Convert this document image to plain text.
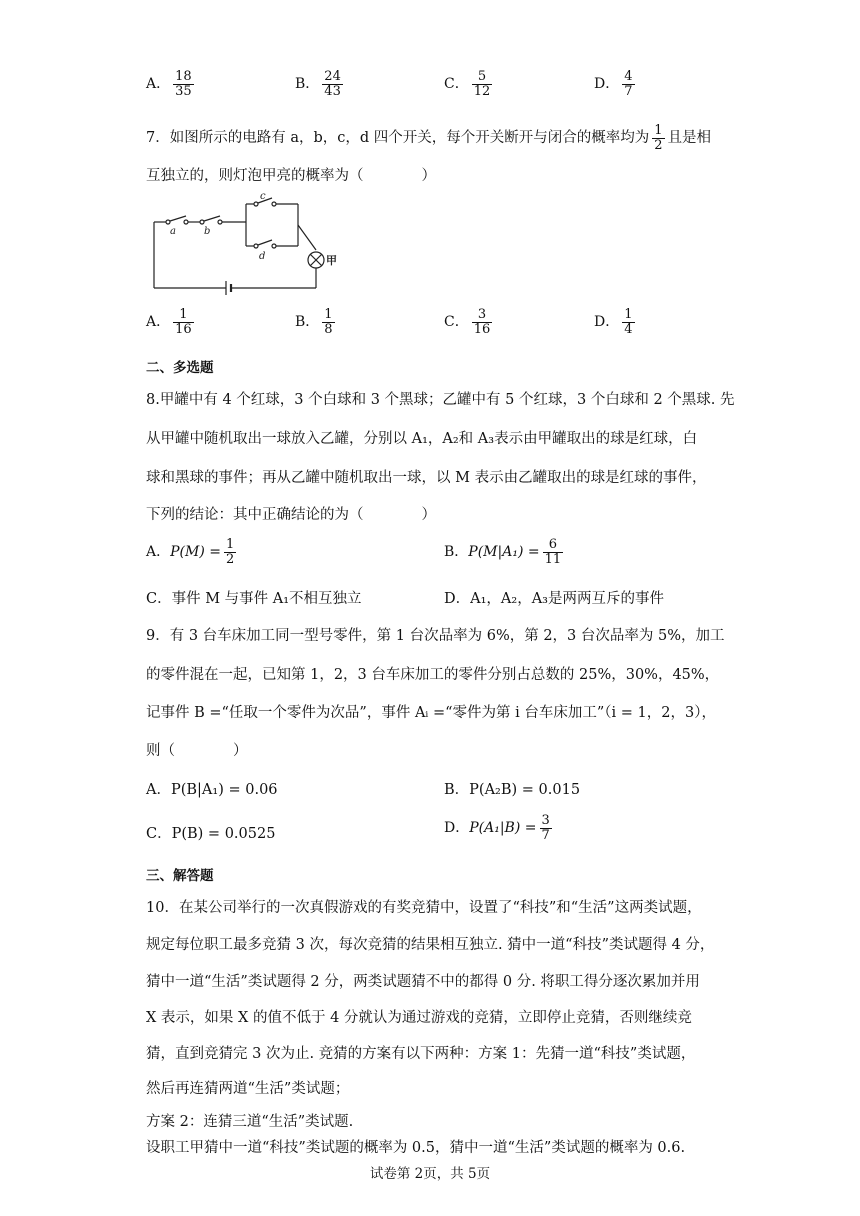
A． $\frac{18}{35}$	B． $\frac{24}{43}$	C． $\frac{5}{12}$	D． $\frac{4}{7}$
7．如图所示的电路有 a，b，c，d 四个开关，每个开关断开与闭合的概率均为 $\frac{1}{2}$ 且是相
互独立的，则灯泡甲亮的概率为（　　　　）
a	b
c
d	甲
A． $\frac{1}{16}$	B． $\frac{1}{8}$	C． $\frac{3}{16}$	D． $\frac{1}{4}$
二、多选题
8.甲罐中有 4 个红球，3 个白球和 3 个黑球；乙罐中有 5 个红球，3 个白球和 2 个黑球. 先
从甲罐中随机取出一球放入乙罐，分别以 A₁，A₂和 A₃表示由甲罐取出的球是红球，白
球和黑球的事件；再从乙罐中随机取出一球，以 M 表示由乙罐取出的球是红球的事件，
下列的结论：其中正确结论的为（　　　　）
A．$P(M) = \frac{1}{2}$	B．$P(M|A_1) = \frac{6}{11}$
C．事件 M 与事件 A₁不相互独立	D．A₁，A₂，A₃是两两互斥的事件
9．有 3 台车床加工同一型号零件，第 1 台次品率为 6%，第 2，3 台次品率为 5%，加工
的零件混在一起，已知第 1，2，3 台车床加工的零件分别占总数的 25%，30%，45%，
记事件 B =“任取一个零件为次品”，事件 Aᵢ =“零件为第 i 台车床加工”（i = 1，2，3），
则（　　　　）
A．P(B|A₁) = 0.06	B．P(A₂B) = 0.015
C．P(B) = 0.0525	D．$P(A_1|B) = \frac{3}{7}$
三、解答题
10．在某公司举行的一次真假游戏的有奖竞猜中，设置了“科技”和“生活”这两类试题，
规定每位职工最多竞猜 3 次，每次竞猜的结果相互独立. 猜中一道“科技”类试题得 4 分，
猜中一道“生活”类试题得 2 分，两类试题猜不中的都得 0 分. 将职工得分逐次累加并用
X 表示，如果 X 的值不低于 4 分就认为通过游戏的竞猜，立即停止竞猜，否则继续竞
猜，直到竞猜完 3 次为止. 竞猜的方案有以下两种：方案 1：先猜一道“科技”类试题，
然后再连猜两道“生活”类试题；
方案 2：连猜三道“生活”类试题.
设职工甲猜中一道“科技”类试题的概率为 0.5，猜中一道“生活”类试题的概率为 0.6.
试卷第 2页，共 5页
